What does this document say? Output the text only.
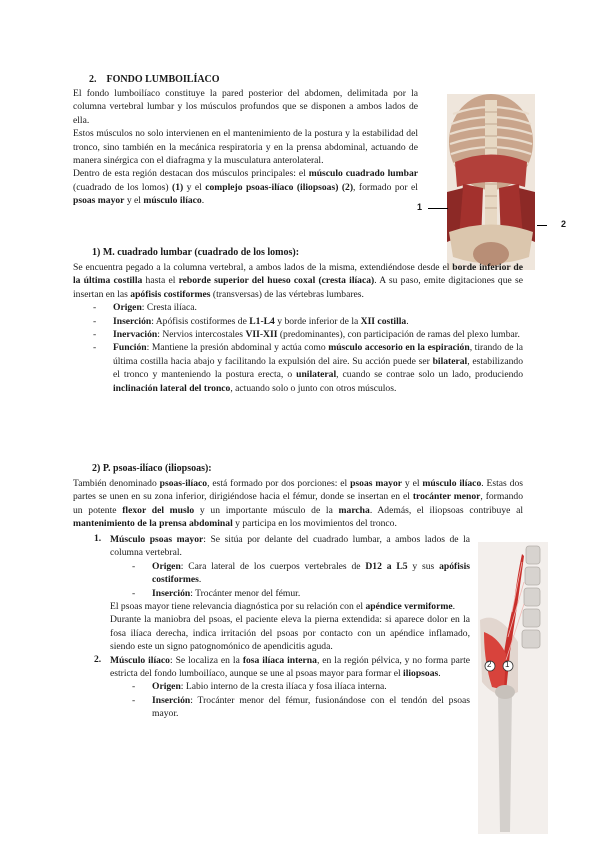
2. FONDO LUMBOILÍACO

El fondo lumboilíaco constituye la pared posterior del abdomen, delimitada por la columna vertebral lumbar y los músculos profundos que se disponen a ambos lados de ella.

Estos músculos no solo intervienen en el mantenimiento de la postura y la estabilidad del tronco, sino también en la mecánica respiratoria y en la prensa abdominal, actuando de manera sinérgica con el diafragma y la musculatura anterolateral.

Dentro de esta región destacan dos músculos principales: el músculo cuadrado lumbar (cuadrado de los lomos) (1) y el complejo psoas-ilíaco (iliopsoas) (2), formado por el psoas mayor y el músculo ilíaco.

1
2
1) M. cuadrado lumbar (cuadrado de los lomos):

Se encuentra pegado a la columna vertebral, a ambos lados de la misma, extendiéndose desde el borde inferior de la última costilla hasta el reborde superior del hueso coxal (cresta ilíaca). A su paso, emite digitaciones que se insertan en las apófisis costiformes (transversas) de las vértebras lumbares.

- Origen: Cresta ilíaca.
- Inserción: Apófisis costiformes de L1-L4 y borde inferior de la XII costilla.
- Inervación: Nervios intercostales VII-XII (predominantes), con participación de ramas del plexo lumbar.
- Función: Mantiene la presión abdominal y actúa como músculo accesorio en la espiración, tirando de la última costilla hacia abajo y facilitando la expulsión del aire. Su acción puede ser bilateral, estabilizando el tronco y manteniendo la postura erecta, o unilateral, cuando se contrae solo un lado, produciendo inclinación lateral del tronco, actuando solo o junto con otros músculos.
2) P. psoas-ilíaco (iliopsoas):

También denominado psoas-ilíaco, está formado por dos porciones: el psoas mayor y el músculo ilíaco. Estas dos partes se unen en su zona inferior, dirigiéndose hacia el fémur, donde se insertan en el trocánter menor, formando un potente flexor del muslo y un importante músculo de la marcha. Además, el iliopsoas contribuye al mantenimiento de la prensa abdominal y participa en los movimientos del tronco.

1. Músculo psoas mayor: Se sitúa por delante del cuadrado lumbar, a ambos lados de la columna vertebral.

- Origen: Cara lateral de los cuerpos vertebrales de D12 a L5 y sus apófisis costiformes.
- Inserción: Trocánter menor del fémur.

El psoas mayor tiene relevancia diagnóstica por su relación con el apéndice vermiforme.

Durante la maniobra del psoas, el paciente eleva la pierna extendida: si aparece dolor en la fosa ilíaca derecha, indica irritación del psoas por contacto con un apéndice inflamado, siendo este un signo patognomónico de apendicitis aguda.

2. Músculo ilíaco: Se localiza en la fosa ilíaca interna, en la región pélvica, y no forma parte estricta del fondo lumboilíaco, aunque se une al psoas mayor para formar el iliopsoas.

- Origen: Labio interno de la cresta ilíaca y fosa ilíaca interna.
- Inserción: Trocánter menor del fémur, fusionándose con el tendón del psoas mayor.
2 1
